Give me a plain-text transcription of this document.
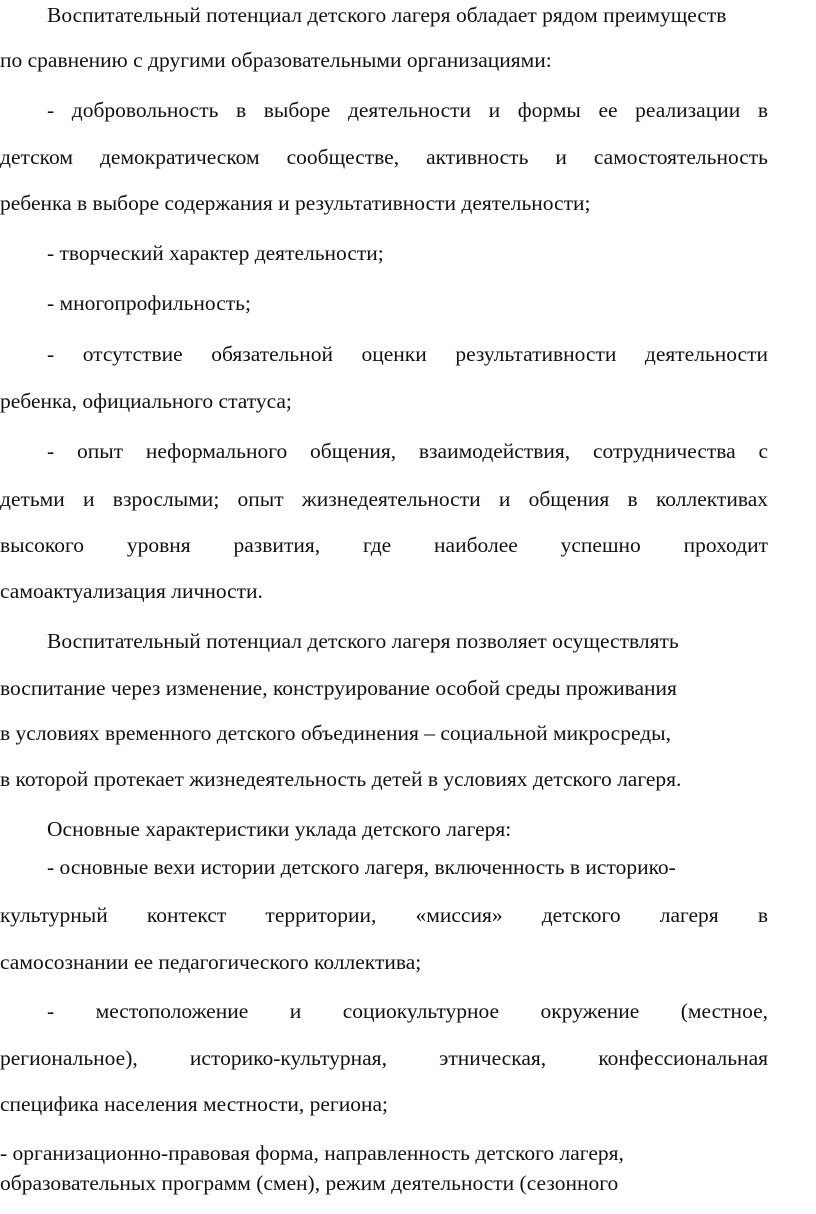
Воспитательный потенциал детского лагеря обладает рядом преимуществ
по сравнению с другими образовательными организациями:
- добровольность в выборе деятельности и формы ее реализации в
детском демократическом сообществе, активность и самостоятельность
ребенка в выборе содержания и результативности деятельности;
- творческий характер деятельности;
- многопрофильность;
- отсутствие обязательной оценки результативности деятельности
ребенка, официального статуса;
- опыт неформального общения, взаимодействия, сотрудничества с
детьми и взрослыми; опыт жизнедеятельности и общения в коллективах
высокого уровня развития, где наиболее успешно проходит
самоактуализация личности.
Воспитательный потенциал детского лагеря позволяет осуществлять
воспитание через изменение, конструирование особой среды проживания
в условиях временного детского объединения – социальной микросреды,
в которой протекает жизнедеятельность детей в условиях детского лагеря.
Основные характеристики уклада детского лагеря:
- основные вехи истории детского лагеря, включенность в историко-
культурный контекст территории, «миссия» детского лагеря в
самосознании ее педагогического коллектива;
- местоположение и социокультурное окружение (местное,
региональное), историко-культурная, этническая, конфессиональная
специфика населения местности, региона;
- организационно-правовая форма, направленность детского лагеря,
образовательных программ (смен), режим деятельности (сезонного
